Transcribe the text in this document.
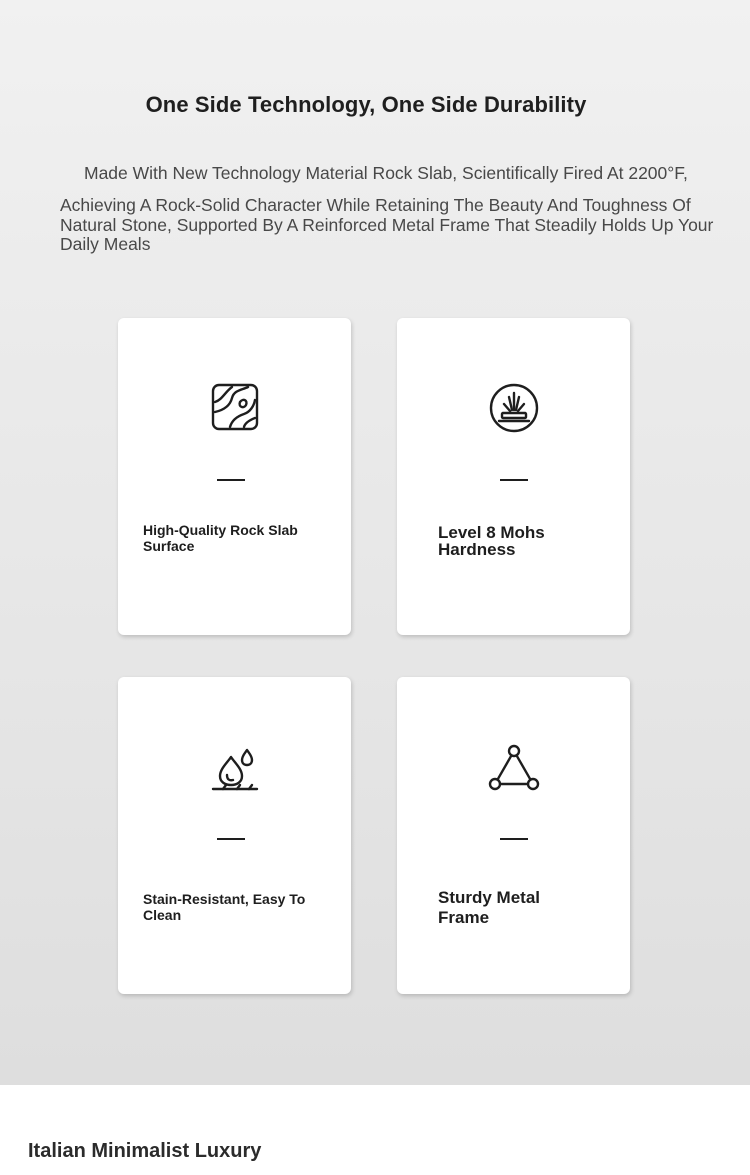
One Side Technology, One Side Durability
Made With New Technology Material Rock Slab, Scientifically Fired At 2200°F,
Achieving A Rock-Solid Character While Retaining The Beauty And Toughness Of Natural Stone, Supported By A Reinforced Metal Frame That Steadily Holds Up Your Daily Meals
High-Quality Rock Slab Surface
Level 8 Mohs Hardness
Stain-Resistant, Easy To Clean
Sturdy Metal Frame
Italian Minimalist Luxury
